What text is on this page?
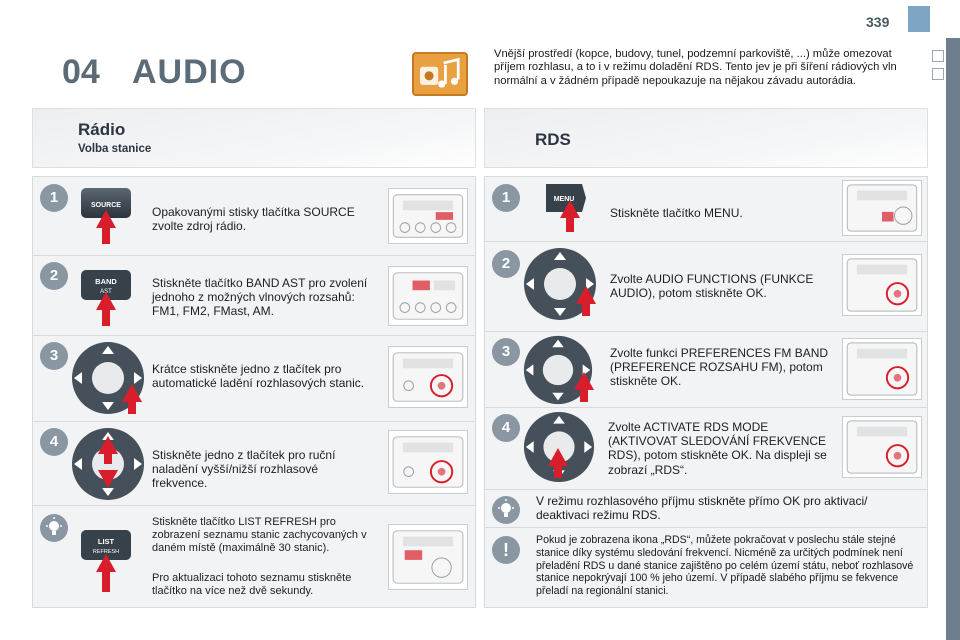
339
04 AUDIO	Vnější prostředí (kopce, budovy, tunel, podzemní parkoviště, ...) může omezovat příjem rozhlasu, a to i v režimu doladění RDS. Tento jev je při šíření rádiových vln normální a v žádném případě nepoukazuje na nějakou závadu autorádia.
Rádio
Volba stanice
1	SOURCE	Opakovanými stisky tlačítka SOURCE zvolte zdroj rádio.
2	BAND
AST
Stiskněte tlačítko BAND AST pro zvolení jednoho z možných vlnových rozsahů: FM1, FM2, FMast, AM.
3
Krátce stiskněte jedno z tlačítek pro automatické ladění rozhlasových stanic.
4
Stiskněte jedno z tlačítek pro ruční naladění vyšší/nižší rozhlasové frekvence.
LIST
REFRESH
Stiskněte tlačítko LIST REFRESH pro zobrazení seznamu stanic zachycovaných v daném místě (maximálně 30 stanic).
Pro aktualizaci tohoto seznamu stiskněte tlačítko na více než dvě sekundy.
RDS
1	MENU
Stiskněte tlačítko MENU.
2
Zvolte AUDIO FUNCTIONS (FUNKCE AUDIO), potom stiskněte OK.
3	Zvolte funkci PREFERENCES FM BAND (PREFERENCE ROZSAHU FM), potom stiskněte OK.
4	Zvolte ACTIVATE RDS MODE (AKTIVOVAT SLEDOVÁNÍ FREKVENCE RDS), potom stiskněte OK. Na displeji se zobrazí „RDS“.
V režimu rozhlasového příjmu stiskněte přímo OK pro aktivaci/ deaktivaci režimu RDS.
!	Pokud je zobrazena ikona „RDS“, můžete pokračovat v poslechu stále stejné stanice díky systému sledování frekvencí. Nicméně za určitých podmínek není přeladění RDS u dané stanice zajištěno po celém území státu, neboť rozhlasové stanice nepokrývají 100 % jeho území. V případě slabého příjmu se fekvence přeladí na regionální stanici.
